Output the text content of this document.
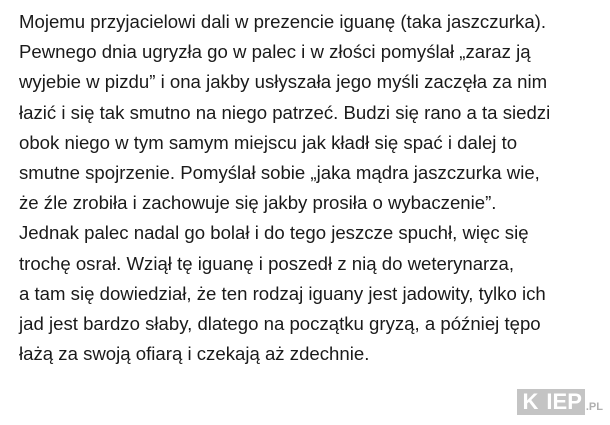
Mojemu przyjacielowi dali w prezencie iguanę (taka jaszczurka).
Pewnego dnia ugryzła go w palec i w złości pomyślał „zaraz ją
wyjebie w pizdu” i ona jakby usłyszała jego myśli zaczęła za nim
łazić i się tak smutno na niego patrzeć. Budzi się rano a ta siedzi
obok niego w tym samym miejscu jak kładł się spać i dalej to
smutne spojrzenie. Pomyślał sobie „jaka mądra jaszczurka wie,
że źle zrobiła i zachowuje się jakby prosiła o wybaczenie”.
Jednak palec nadal go bolał i do tego jeszcze spuchł, więc się
trochę osrał. Wziął tę iguanę i poszedł z nią do weterynarza,
a tam się dowiedział, że ten rodzaj iguany jest jadowity, tylko ich
jad jest bardzo słaby, dlatego na początku gryzą, a później tępo
łażą za swoją ofiarą i czekają aż zdechnie.
K IEP .PL
